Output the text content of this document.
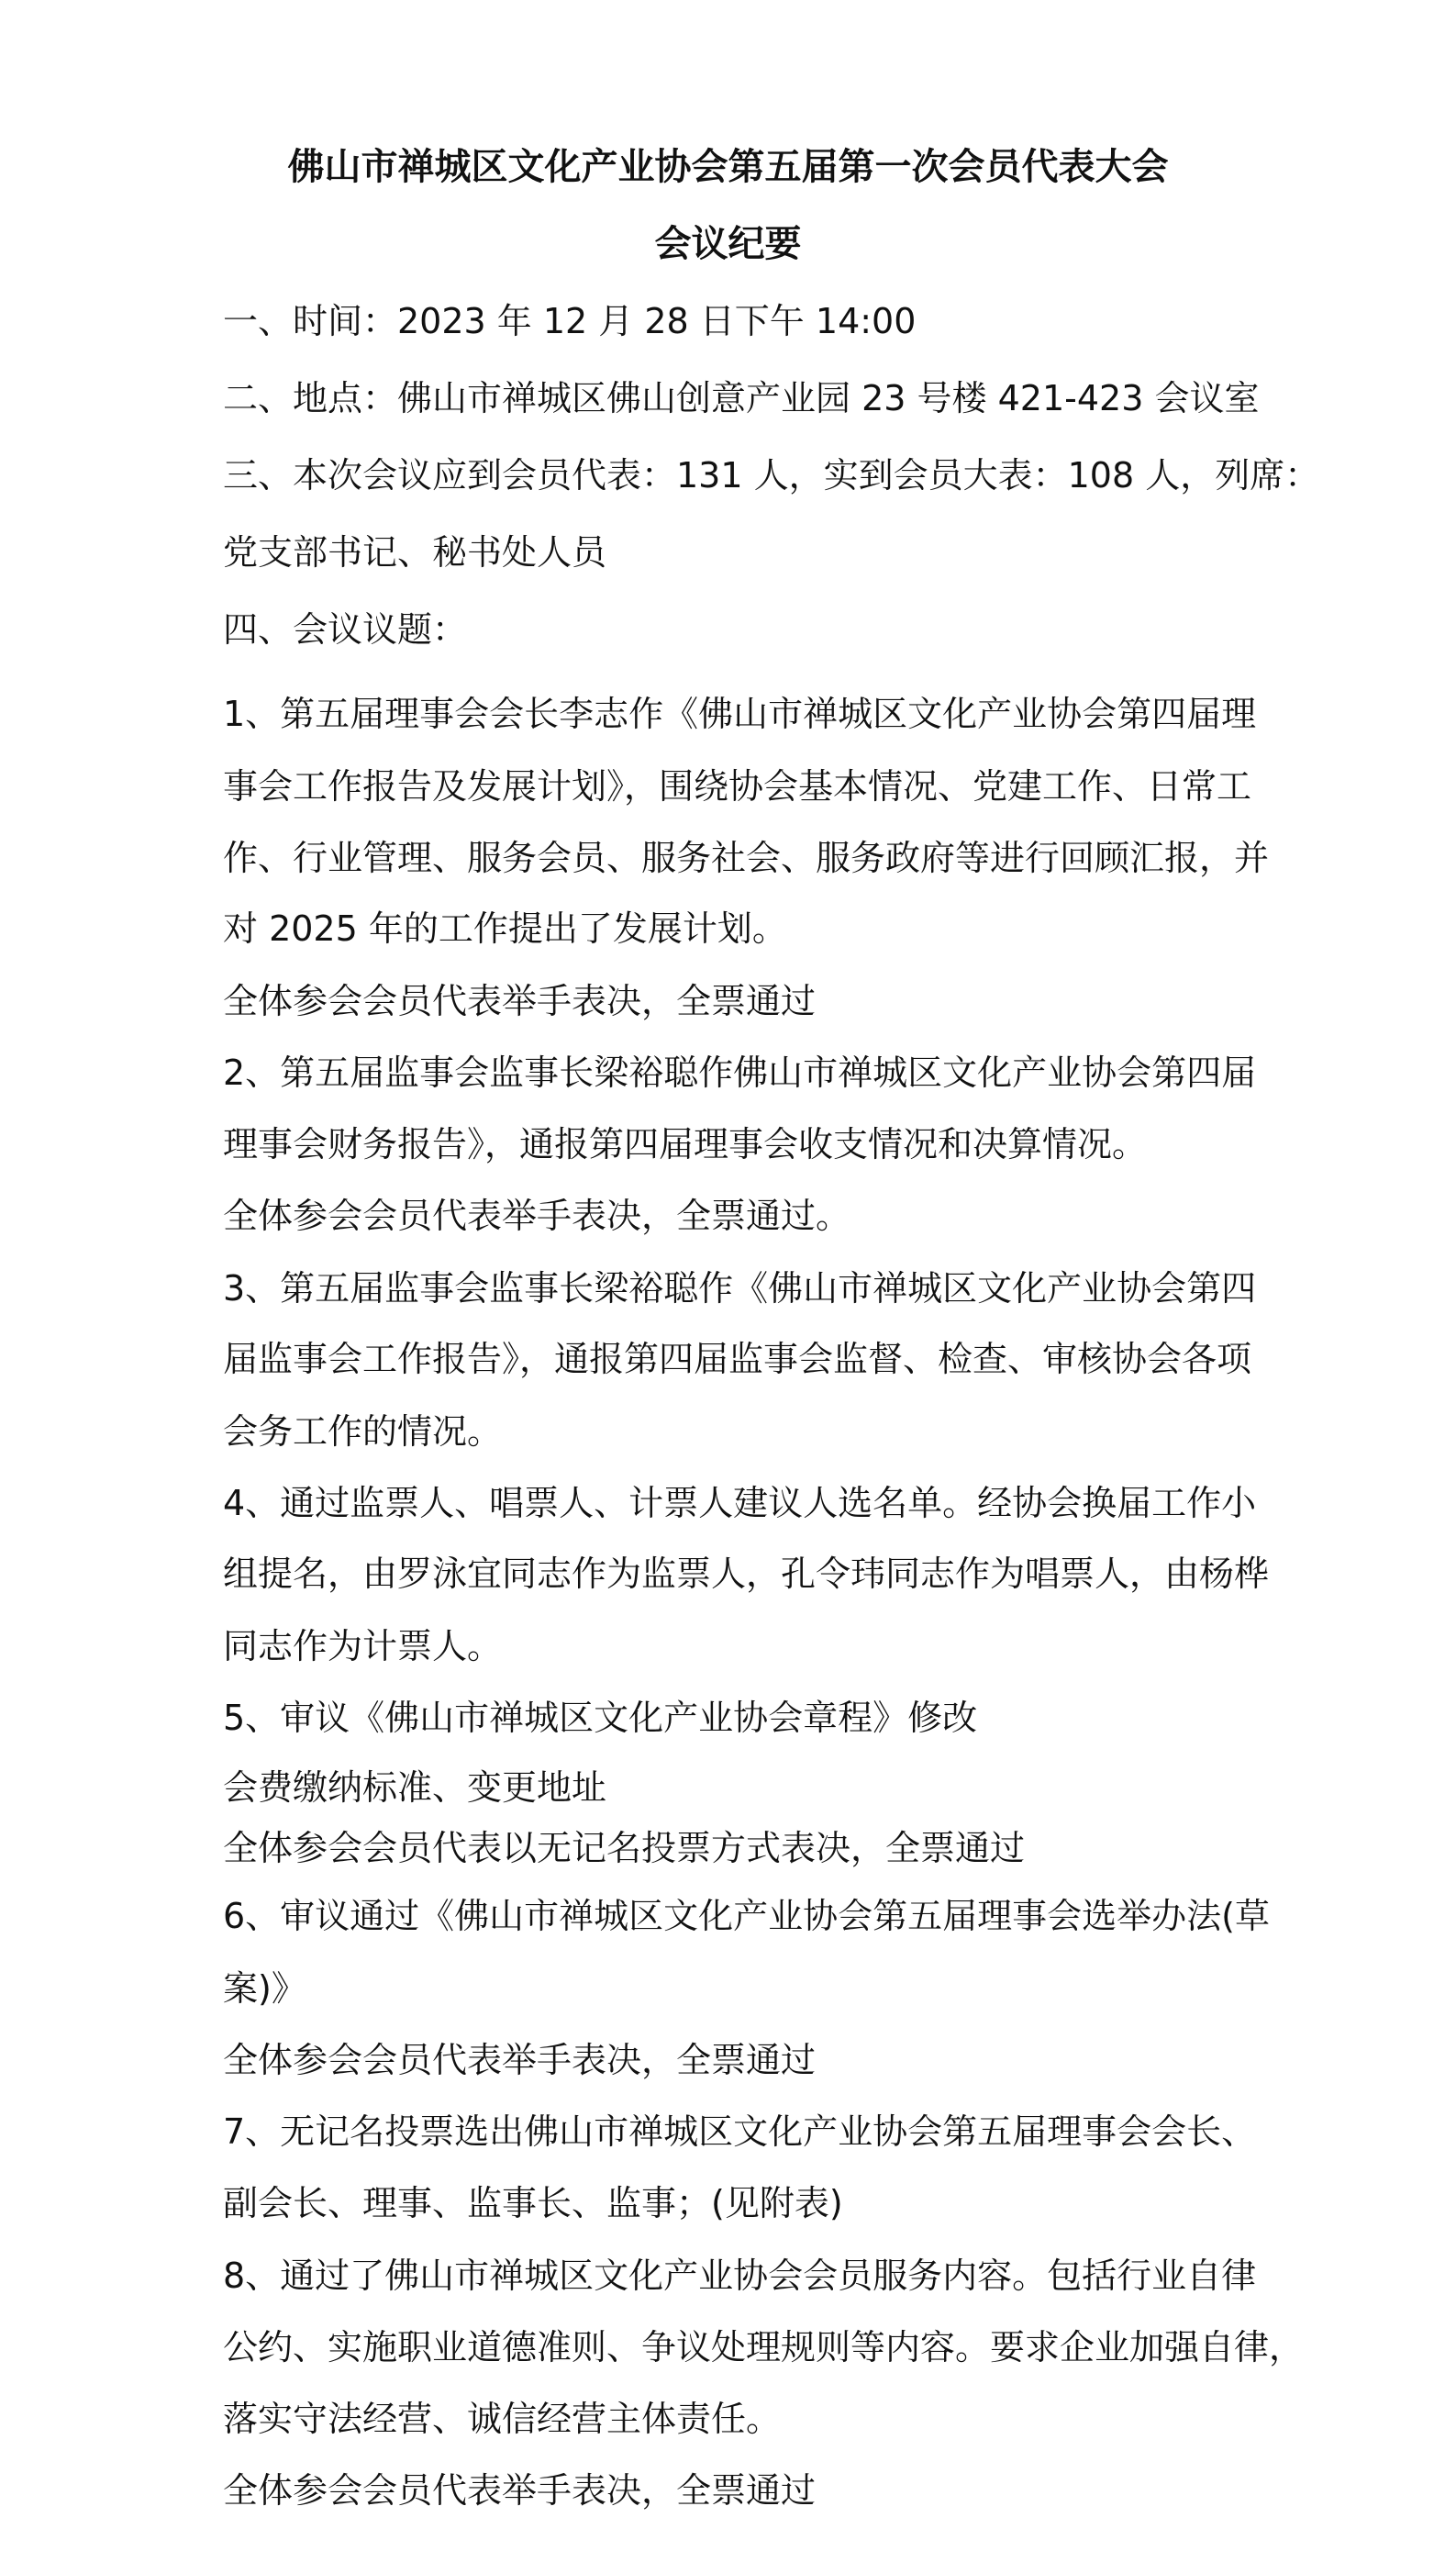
佛山市禅城区文化产业协会第五届第一次会员代表大会
会议纪要

一、时间：2023 年 12 月 28 日下午 14:00

二、地点：佛山市禅城区佛山创意产业园 23 号楼 421-423 会议室

三、本次会议应到会员代表：131 人，实到会员大表：108 人，列席：

党支部书记、秘书处人员

四、会议议题：

1、第五届理事会会长李志作《佛山市禅城区文化产业协会第四届理

事会工作报告及发展计划》，围绕协会基本情况、党建工作、日常工

作、行业管理、服务会员、服务社会、服务政府等进行回顾汇报，并

对 2025 年的工作提出了发展计划。

全体参会会员代表举手表决，全票通过

2、第五届监事会监事长梁裕聪作佛山市禅城区文化产业协会第四届

理事会财务报告》，通报第四届理事会收支情况和决算情况。

全体参会会员代表举手表决，全票通过。

3、第五届监事会监事长梁裕聪作《佛山市禅城区文化产业协会第四

届监事会工作报告》，通报第四届监事会监督、检查、审核协会各项

会务工作的情况。

4、通过监票人、唱票人、计票人建议人选名单。经协会换届工作小

组提名，由罗泳宜同志作为监票人，孔令玮同志作为唱票人，由杨桦

同志作为计票人。

5、审议《佛山市禅城区文化产业协会章程》修改

会费缴纳标准、变更地址

全体参会会员代表以无记名投票方式表决，全票通过

6、审议通过《佛山市禅城区文化产业协会第五届理事会选举办法(草

案)》

全体参会会员代表举手表决，全票通过

7、无记名投票选出佛山市禅城区文化产业协会第五届理事会会长、

副会长、理事、监事长、监事；(见附表)

8、通过了佛山市禅城区文化产业协会会员服务内容。包括行业自律

公约、实施职业道德准则、争议处理规则等内容。要求企业加强自律，

落实守法经营、诚信经营主体责任。

全体参会会员代表举手表决，全票通过
